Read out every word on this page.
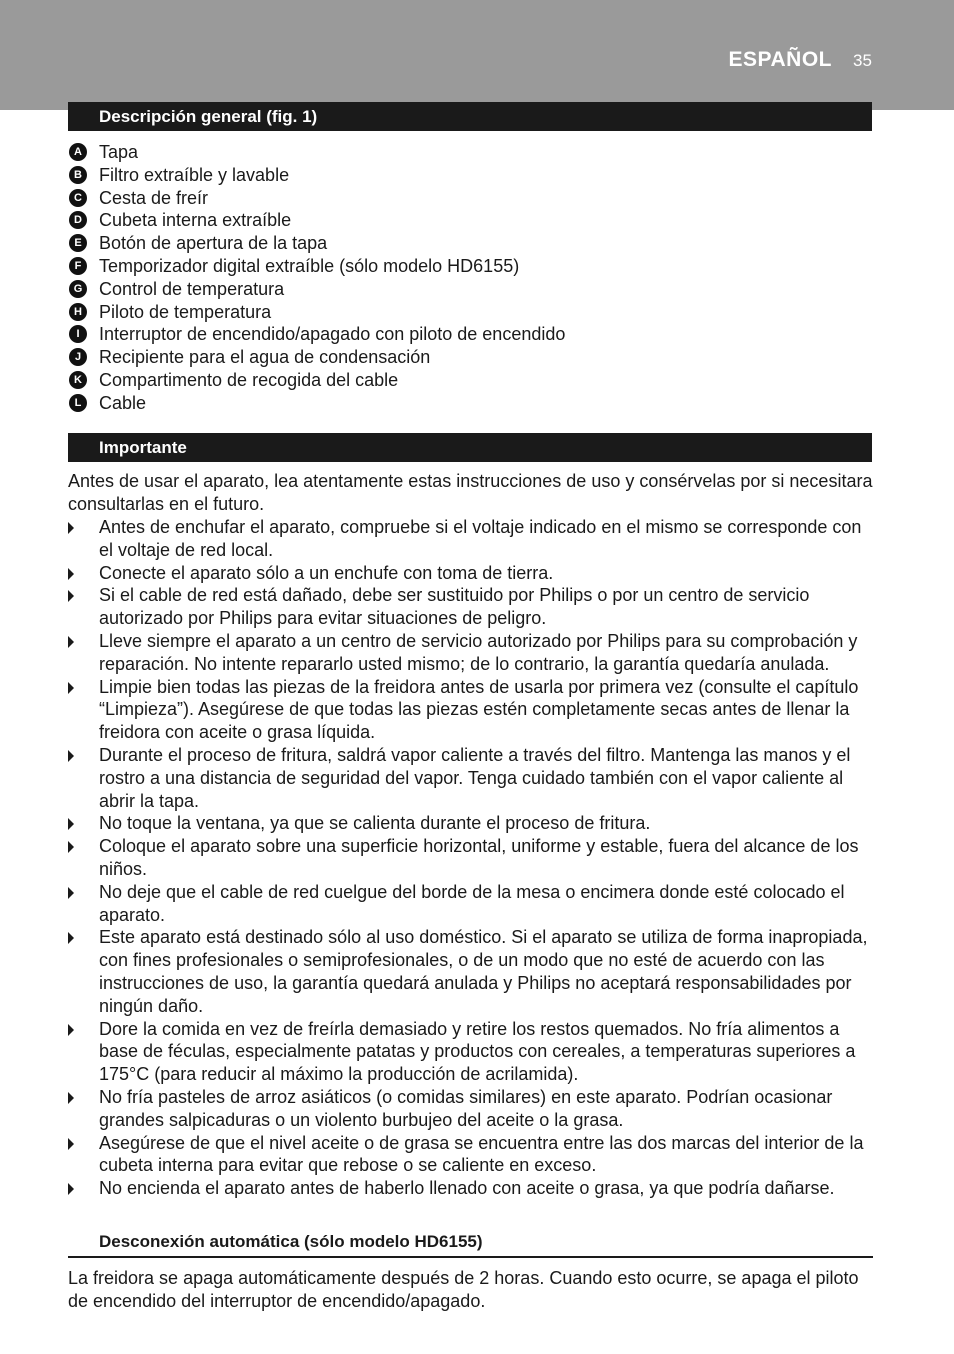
ESPAÑOL 35
Descripción general (fig. 1)
A Tapa
B Filtro extraíble y lavable
C Cesta de freír
D Cubeta interna extraíble
E Botón de apertura de la tapa
F Temporizador digital extraíble (sólo modelo HD6155)
G Control de temperatura
H Piloto de temperatura
I	Interruptor de encendido/apagado con piloto de encendido
J Recipiente para el agua de condensación
K Compartimento de recogida del cable
L Cable
Importante

Antes de usar el aparato, lea atentamente estas instrucciones de uso y consérvelas por si necesitara consultarlas en el futuro.

Antes de enchufar el aparato, compruebe si el voltaje indicado en el mismo se corresponde con el voltaje de red local.
Conecte el aparato sólo a un enchufe con toma de tierra.
Si el cable de red está dañado, debe ser sustituido por Philips o por un centro de servicio autorizado por Philips para evitar situaciones de peligro.
Lleve siempre el aparato a un centro de servicio autorizado por Philips para su comprobación y reparación. No intente repararlo usted mismo; de lo contrario, la garantía quedaría anulada.
Limpie bien todas las piezas de la freidora antes de usarla por primera vez (consulte el capítulo “Limpieza”). Asegúrese de que todas las piezas estén completamente secas antes de llenar la freidora con aceite o grasa líquida.
Durante el proceso de fritura, saldrá vapor caliente a través del filtro. Mantenga las manos y el rostro a una distancia de seguridad del vapor. Tenga cuidado también con el vapor caliente al abrir la tapa.
No toque la ventana, ya que se calienta durante el proceso de fritura.
Coloque el aparato sobre una superficie horizontal, uniforme y estable, fuera del alcance de los niños.
No deje que el cable de red cuelgue del borde de la mesa o encimera donde esté colocado el aparato.
Este aparato está destinado sólo al uso doméstico. Si el aparato se utiliza de forma inapropiada, con fines profesionales o semiprofesionales, o de un modo que no esté de acuerdo con las instrucciones de uso, la garantía quedará anulada y Philips no aceptará responsabilidades por ningún daño.
Dore la comida en vez de freírla demasiado y retire los restos quemados. No fría alimentos a base de féculas, especialmente patatas y productos con cereales, a temperaturas superiores a 175°C (para reducir al máximo la producción de acrilamida).
No fría pasteles de arroz asiáticos (o comidas similares) en este aparato. Podrían ocasionar grandes salpicaduras o un violento burbujeo del aceite o la grasa.
Asegúrese de que el nivel aceite o de grasa se encuentra entre las dos marcas del interior de la cubeta interna para evitar que rebose o se caliente en exceso.
No encienda el aparato antes de haberlo llenado con aceite o grasa, ya que podría dañarse.
Desconexión automática (sólo modelo HD6155)

La freidora se apaga automáticamente después de 2 horas. Cuando esto ocurre, se apaga el piloto de encendido del interruptor de encendido/apagado.
